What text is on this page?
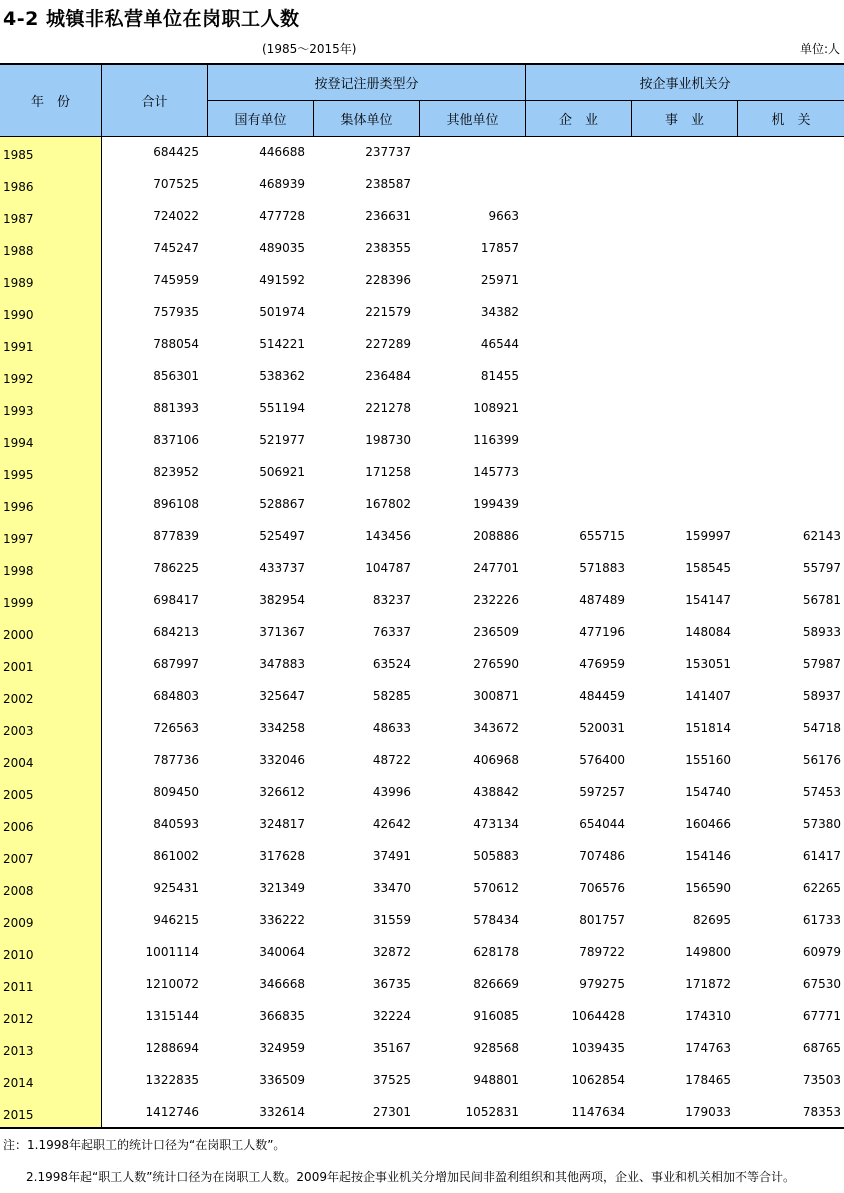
4-2 城镇非私营单位在岗职工人数
(1985～2015年)	单位:人
年　份	合计
按登记注册类型分	按企事业机关分
国有单位	集体单位	其他单位	企　业	事　业	机　关
1985	684425	446688	237737
1986	707525	468939	238587
1987	724022	477728	236631	9663
1988	745247	489035	238355	17857
1989	745959	491592	228396	25971
1990	757935	501974	221579	34382
1991	788054	514221	227289	46544
1992	856301	538362	236484	81455
1993	881393	551194	221278	108921
1994	837106	521977	198730	116399
1995	823952	506921	171258	145773
1996	896108	528867	167802	199439
1997	877839	525497	143456	208886	655715	159997	62143
1998	786225	433737	104787	247701	571883	158545	55797
1999	698417	382954	83237	232226	487489	154147	56781
2000	684213	371367	76337	236509	477196	148084	58933
2001	687997	347883	63524	276590	476959	153051	57987
2002	684803	325647	58285	300871	484459	141407	58937
2003	726563	334258	48633	343672	520031	151814	54718
2004	787736	332046	48722	406968	576400	155160	56176
2005	809450	326612	43996	438842	597257	154740	57453
2006	840593	324817	42642	473134	654044	160466	57380
2007	861002	317628	37491	505883	707486	154146	61417
2008	925431	321349	33470	570612	706576	156590	62265
2009	946215	336222	31559	578434	801757	82695	61733
2010	1001114	340064	32872	628178	789722	149800	60979
2011	1210072	346668	36735	826669	979275	171872	67530
2012	1315144	366835	32224	916085	1064428	174310	67771
2013	1288694	324959	35167	928568	1039435	174763	68765
2014	1322835	336509	37525	948801	1062854	178465	73503
2015	1412746	332614	27301	1052831	1147634	179033	78353
注：1.1998年起职工的统计口径为“在岗职工人数”。
2.1998年起“职工人数”统计口径为在岗职工人数。2009年起按企事业机关分增加民间非盈利组织和其他两项，企业、事业和机关相加不等合计。
